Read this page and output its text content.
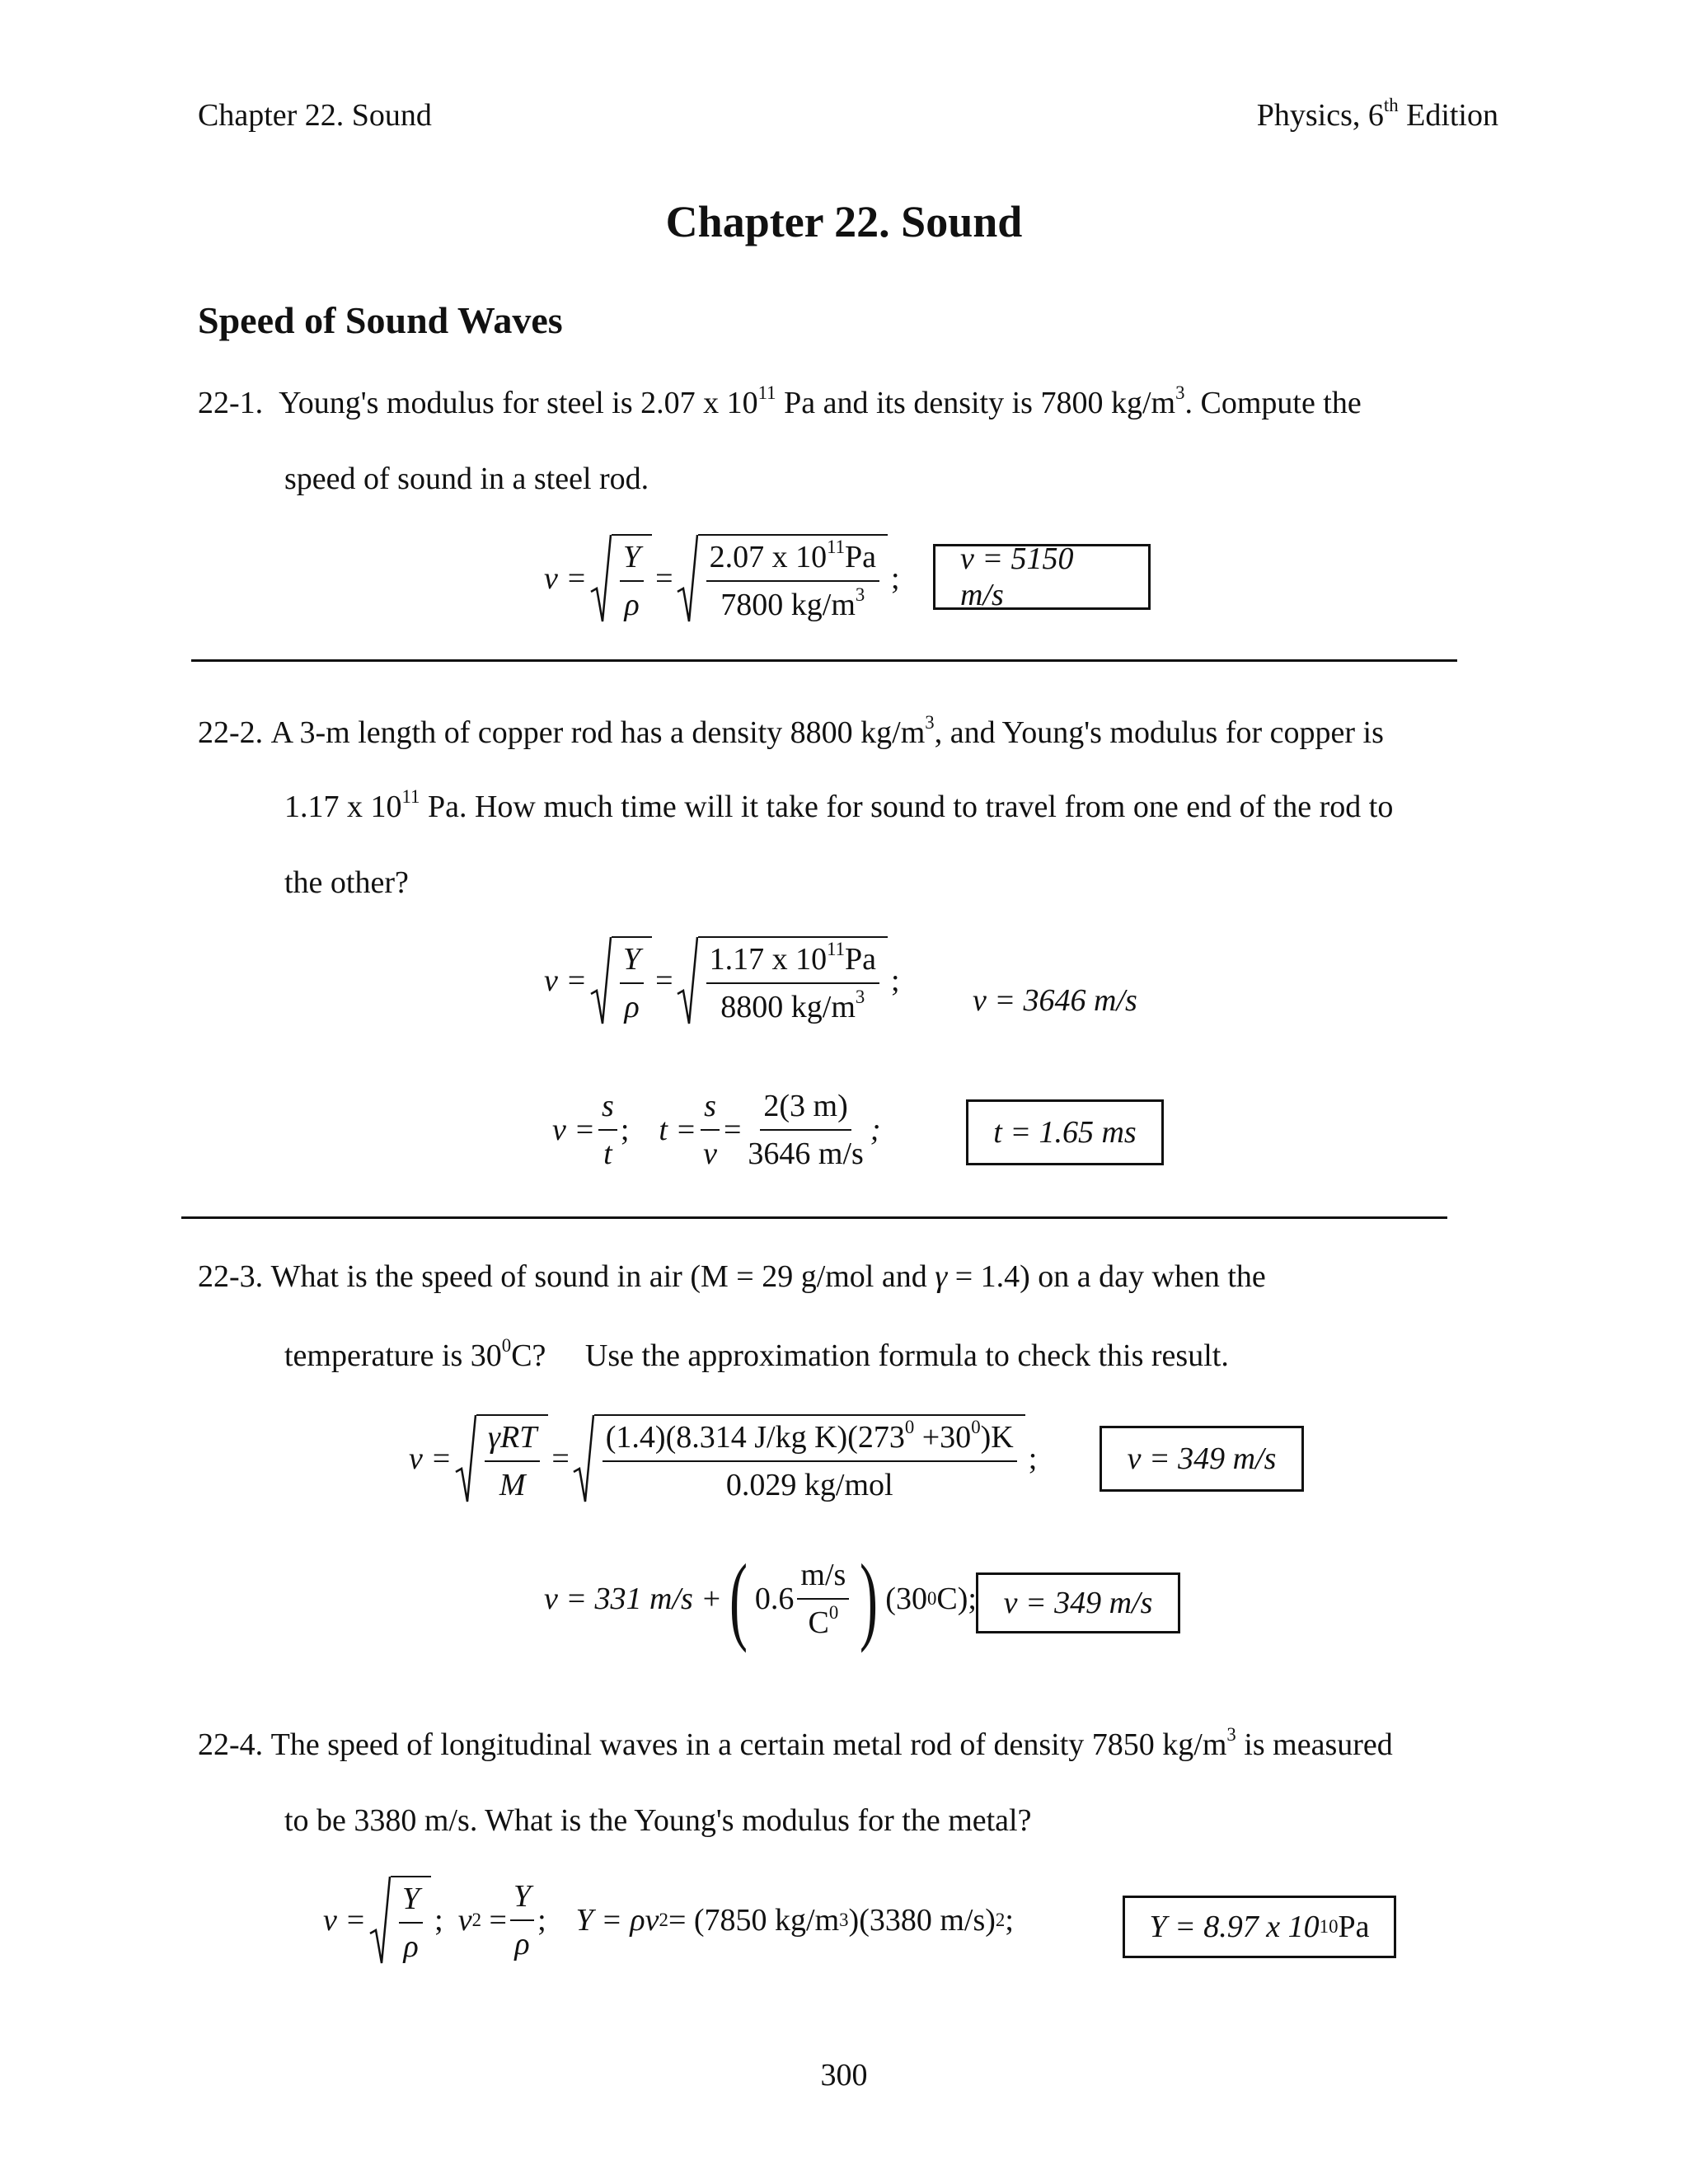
Chapter 22. Sound	Physics, 6th Edition
Chapter 22. Sound
Speed of Sound Waves
22-1. Young's modulus for steel is 2.07 x $10^{11}$ Pa and its density is 7800 $kg/m^3$. Compute the
speed of sound in a steel rod.
$v = \frac{Y}{\rho} = \frac{2.07 x 10^{11}Pa}{7800 kg/m^3}$ ;
v = 5150 m/s
22-2. A 3-m length of copper rod has a density 8800 $kg/m^3$, and Young's modulus for copper is
1.17 x $10^{11}$ Pa. How much time will it take for sound to travel from one end of the rod to
the other?
$v = \frac{Y}{\rho} = \frac{1.17 x 10^{11}Pa}{8800 kg/m^3}$ ;
v = 3646 m/s
$v = \frac{s}{t}$ ; $t = \frac{s}{v} = \frac{2(3 m)}{3646 m/s}$ ;	t = 1.65 ms
22-3. What is the speed of sound in air (M = 29 g/mol and γ = 1.4) on a day when the
temperature is $30^0C$?     Use the approximation formula to check this result.
$v = \frac{\text{γRT}}{M} = \frac{(1.4)(8.314 J/kg K)(273^0 +30^0)K}{\text{0.029 kg/mol}}$ ;	v = 349 m/s
v = 331 m/s + ( $0.6 \frac{m/s}{C^0}$ ) (30 0 C); v = 349 m/s
22-4. The speed of longitudinal waves in a certain metal rod of density 7850 $kg/m^3$ is measured
to be 3380 m/s. What is the Young's modulus for the metal?
$v = \frac{Y}{\rho}$ ; v 2
= $\frac{Y}{\rho}$ ; Y = ρv 2 = (7850 kg/m 3 )(3380 m/s) 2 ;	Y = 8.97 x 10 10 Pa
300
